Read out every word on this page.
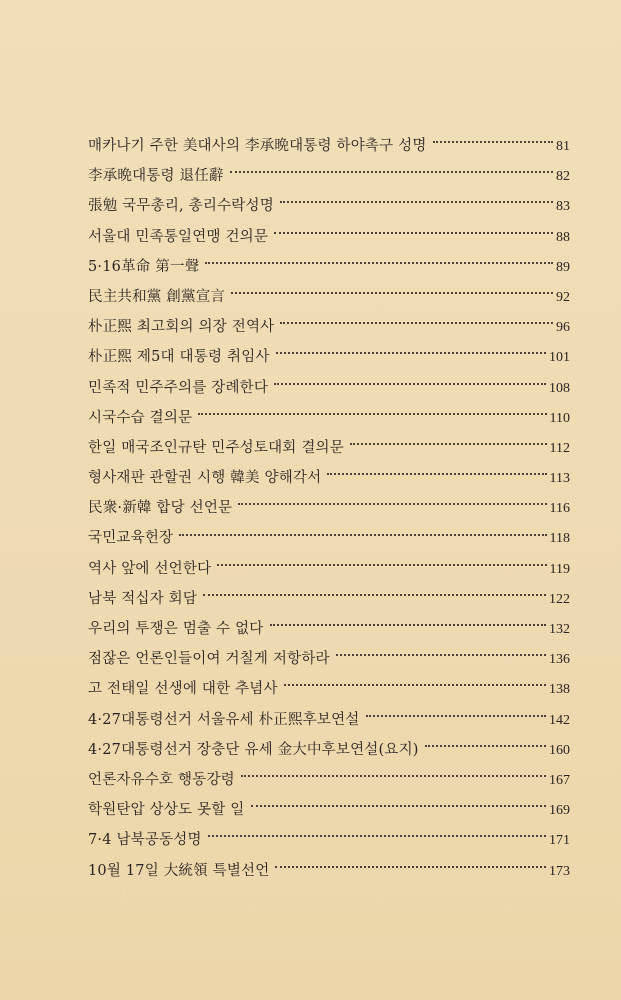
매카나기 주한 美대사의 李承晩대통령 하야촉구 성명	81
李承晩대통령 退任辭	82
張勉 국무총리, 총리수락성명	83
서울대 민족통일연맹 건의문	88
5·16革命 第一聲	89
民主共和黨 創黨宣言	92
朴正熙 최고회의 의장 전역사	96
朴正熙 제5대 대통령 취임사	101
민족적 민주주의를 장례한다	108
시국수습 결의문	110
한일 매국조인규탄 민주성토대회 결의문	112
형사재판 관할권 시행 韓美 양해각서	113
民衆·新韓 합당 선언문	116
국민교육헌장	118
역사 앞에 선언한다	119
남북 적십자 회담	122
우리의 투쟁은 멈출 수 없다	132
점잖은 언론인들이여 거칠게 저항하라	136
고 전태일 선생에 대한 추념사	138
4·27대통령선거 서울유세 朴正熙후보연설	142
4·27대통령선거 장충단 유세 金大中후보연설(요지)	160
언론자유수호 행동강령	167
학원탄압 상상도 못할 일	169
7·4 남북공동성명	171
10월 17일 大統領 특별선언	173
